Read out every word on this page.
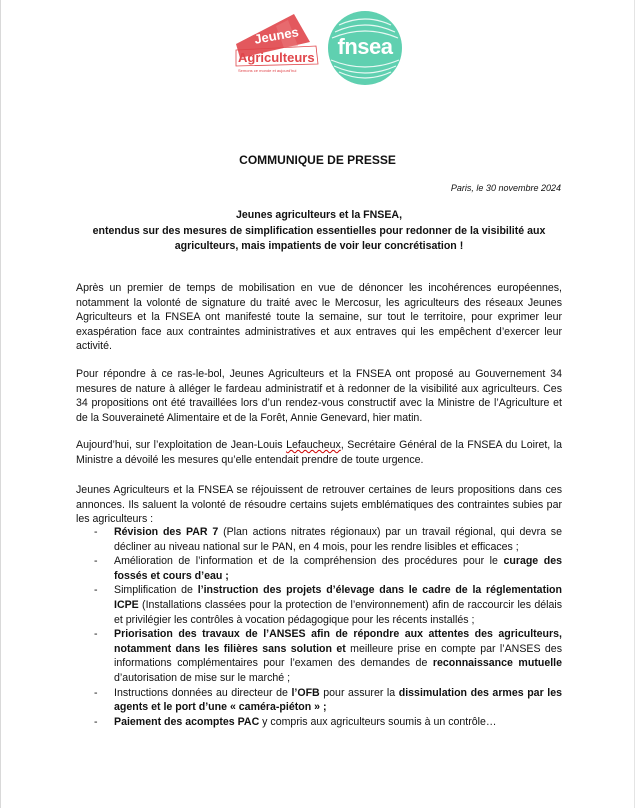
Jeunes
Agriculteurs
Semons ce monde et aujourd'hui
fnsea
COMMUNIQUE DE PRESSE
Paris, le 30 novembre 2024
Jeunes agriculteurs et la FNSEA,
entendus sur des mesures de simplification essentielles pour redonner de la visibilité aux agriculteurs, mais impatients de voir leur concrétisation !

Après un premier de temps de mobilisation en vue de dénoncer les incohérences européennes, notamment la volonté de signature du traité avec le Mercosur, les agriculteurs des réseaux Jeunes Agriculteurs et la FNSEA ont manifesté toute la semaine, sur tout le territoire, pour exprimer leur exaspération face aux contraintes administratives et aux entraves qui les empêchent d’exercer leur activité.

Pour répondre à ce ras-le-bol, Jeunes Agriculteurs et la FNSEA ont proposé au Gouvernement 34 mesures de nature à alléger le fardeau administratif et à redonner de la visibilité aux agriculteurs. Ces 34 propositions ont été travaillées lors d’un rendez-vous constructif avec la Ministre de l’Agriculture et de la Souveraineté Alimentaire et de la Forêt, Annie Genevard, hier matin.

Aujourd’hui, sur l’exploitation de Jean-Louis Lefaucheux, Secrétaire Général de la FNSEA du Loiret, la Ministre a dévoilé les mesures qu’elle entendait prendre de toute urgence.

Jeunes Agriculteurs et la FNSEA se réjouissent de retrouver certaines de leurs propositions dans ces annonces. Ils saluent la volonté de résoudre certains sujets emblématiques des contraintes subies par les agriculteurs :

- Révision des PAR 7 (Plan actions nitrates régionaux) par un travail régional, qui devra se décliner au niveau national sur le PAN, en 4 mois, pour les rendre lisibles et efficaces ;
- Amélioration de l’information et de la compréhension des procédures pour le curage des fossés et cours d’eau ;
- Simplification de l’instruction des projets d’élevage dans le cadre de la réglementation ICPE (Installations classées pour la protection de l’environnement) afin de raccourcir les délais et privilégier les contrôles à vocation pédagogique pour les récents installés ;
- Priorisation des travaux de l’ANSES afin de répondre aux attentes des agriculteurs, notamment dans les filières sans solution et meilleure prise en compte par l’ANSES des informations complémentaires pour l’examen des demandes de reconnaissance mutuelle d’autorisation de mise sur le marché ;
- Instructions données au directeur de l’OFB pour assurer la dissimulation des armes par les agents et le port d’une « caméra-piéton » ;
- Paiement des acomptes PAC y compris aux agriculteurs soumis à un contrôle…
